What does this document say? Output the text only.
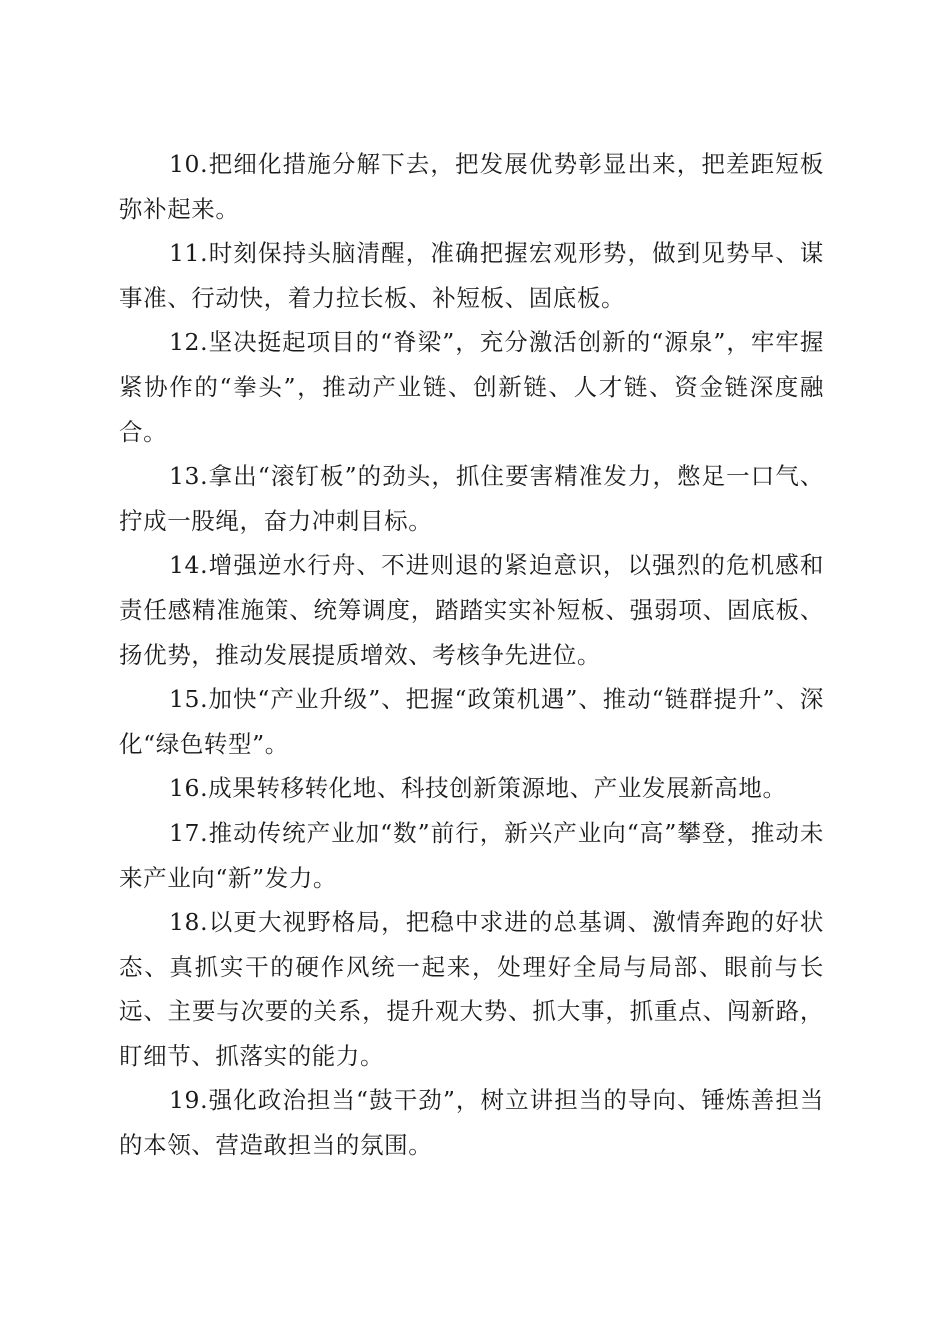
10.把细化措施分解下去，把发展优势彰显出来，把差距短板弥补起来。

11.时刻保持头脑清醒，准确把握宏观形势，做到见势早、谋事准、行动快，着力拉长板、补短板、固底板。

12.坚决挺起项目的“脊梁”，充分激活创新的“源泉”，牢牢握紧协作的“拳头”，推动产业链、创新链、人才链、资金链深度融合。

13.拿出“滚钉板”的劲头，抓住要害精准发力，憋足一口气、拧成一股绳，奋力冲刺目标。

14.增强逆水行舟、不进则退的紧迫意识，以强烈的危机感和责任感精准施策、统筹调度，踏踏实实补短板、强弱项、固底板、扬优势，推动发展提质增效、考核争先进位。

15.加快“产业升级”、把握“政策机遇”、推动“链群提升”、深化“绿色转型”。

16.成果转移转化地、科技创新策源地、产业发展新高地。

17.推动传统产业加“数”前行，新兴产业向“高”攀登，推动未来产业向“新”发力。

18.以更大视野格局，把稳中求进的总基调、激情奔跑的好状态、真抓实干的硬作风统一起来，处理好全局与局部、眼前与长远、主要与次要的关系，提升观大势、抓大事，抓重点、闯新路，盯细节、抓落实的能力。

19.强化政治担当“鼓干劲”，树立讲担当的导向、锤炼善担当的本领、营造敢担当的氛围。
